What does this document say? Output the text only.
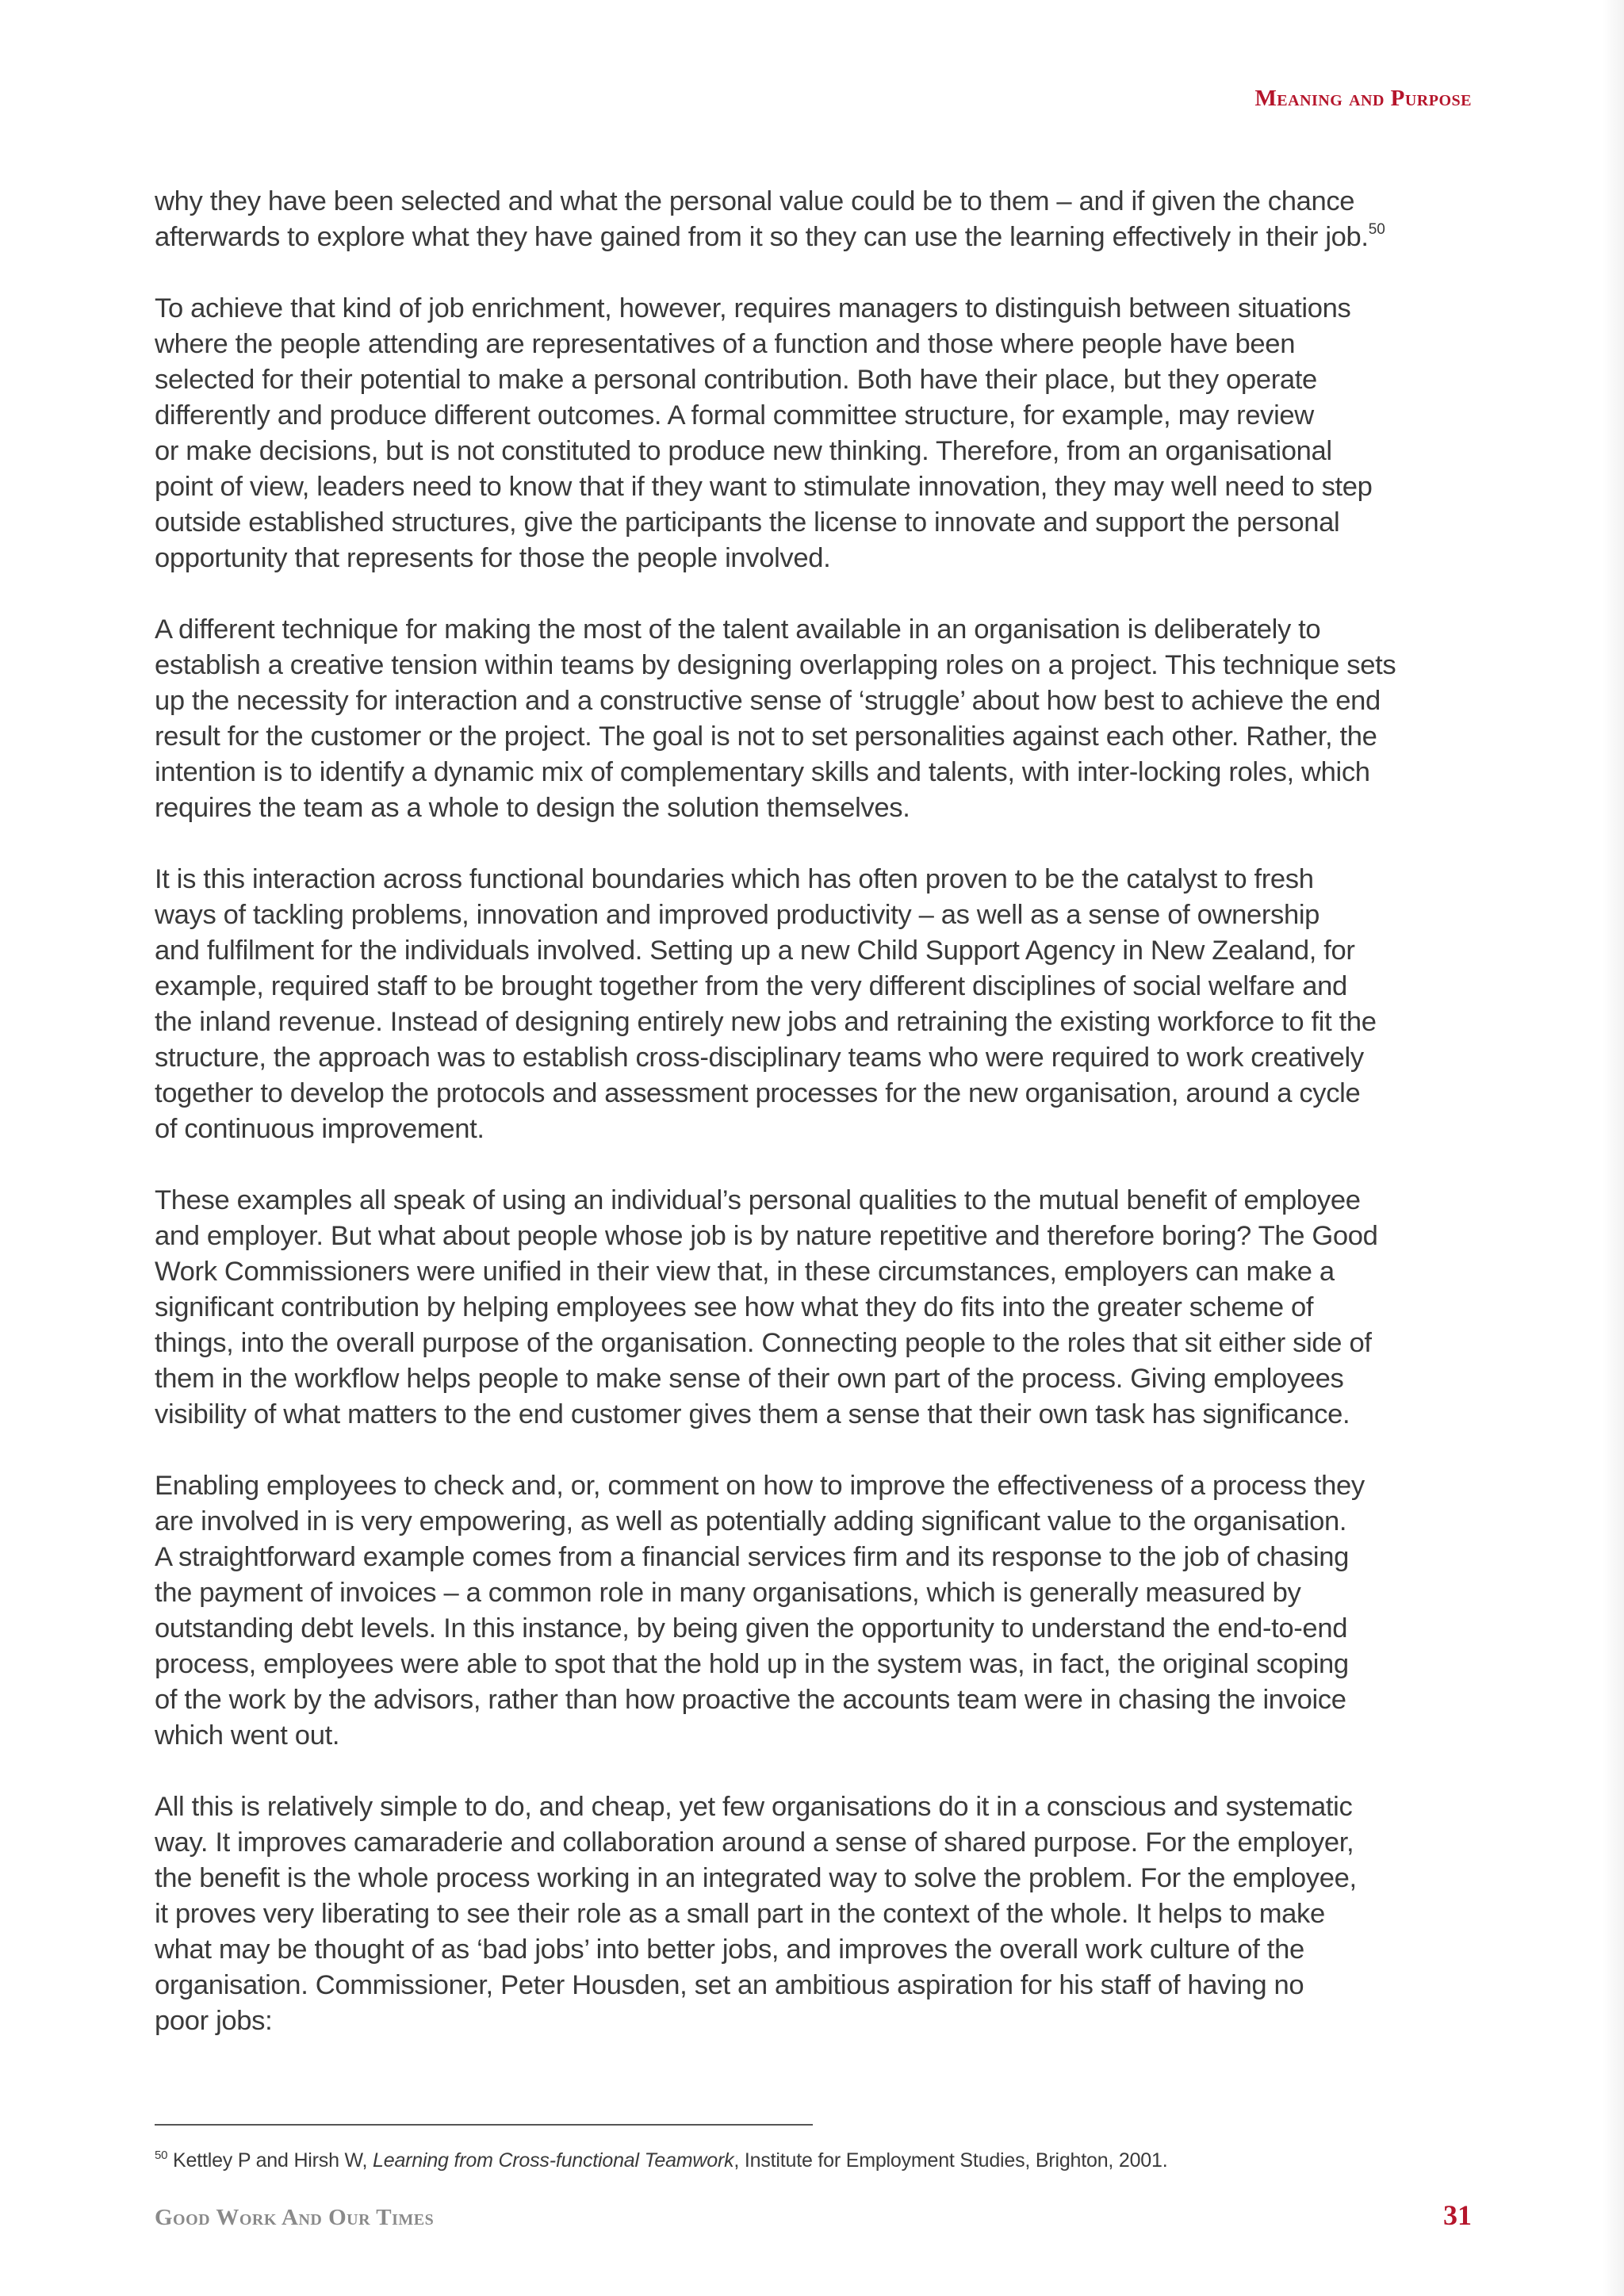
Meaning and Purpose

why they have been selected and what the personal value could be to them – and if given the chance
afterwards to explore what they have gained from it so they can use the learning effectively in their job.$^{50}$

To achieve that kind of job enrichment, however, requires managers to distinguish between situations
where the people attending are representatives of a function and those where people have been
selected for their potential to make a personal contribution. Both have their place, but they operate
differently and produce different outcomes. A formal committee structure, for example, may review
or make decisions, but is not constituted to produce new thinking. Therefore, from an organisational
point of view, leaders need to know that if they want to stimulate innovation, they may well need to step
outside established structures, give the participants the license to innovate and support the personal
opportunity that represents for those the people involved.

A different technique for making the most of the talent available in an organisation is deliberately to
establish a creative tension within teams by designing overlapping roles on a project. This technique sets
up the necessity for interaction and a constructive sense of ‘struggle’ about how best to achieve the end
result for the customer or the project. The goal is not to set personalities against each other. Rather, the
intention is to identify a dynamic mix of complementary skills and talents, with inter-locking roles, which
requires the team as a whole to design the solution themselves.

It is this interaction across functional boundaries which has often proven to be the catalyst to fresh
ways of tackling problems, innovation and improved productivity – as well as a sense of ownership
and fulfilment for the individuals involved. Setting up a new Child Support Agency in New Zealand, for
example, required staff to be brought together from the very different disciplines of social welfare and
the inland revenue. Instead of designing entirely new jobs and retraining the existing workforce to fit the
structure, the approach was to establish cross-disciplinary teams who were required to work creatively
together to develop the protocols and assessment processes for the new organisation, around a cycle
of continuous improvement.

These examples all speak of using an individual’s personal qualities to the mutual benefit of employee
and employer. But what about people whose job is by nature repetitive and therefore boring? The Good
Work Commissioners were unified in their view that, in these circumstances, employers can make a
significant contribution by helping employees see how what they do fits into the greater scheme of
things, into the overall purpose of the organisation. Connecting people to the roles that sit either side of
them in the workflow helps people to make sense of their own part of the process. Giving employees
visibility of what matters to the end customer gives them a sense that their own task has significance.

Enabling employees to check and, or, comment on how to improve the effectiveness of a process they
are involved in is very empowering, as well as potentially adding significant value to the organisation.
A straightforward example comes from a financial services firm and its response to the job of chasing
the payment of invoices – a common role in many organisations, which is generally measured by
outstanding debt levels. In this instance, by being given the opportunity to understand the end-to-end
process, employees were able to spot that the hold up in the system was, in fact, the original scoping
of the work by the advisors, rather than how proactive the accounts team were in chasing the invoice
which went out.

All this is relatively simple to do, and cheap, yet few organisations do it in a conscious and systematic
way. It improves camaraderie and collaboration around a sense of shared purpose. For the employer,
the benefit is the whole process working in an integrated way to solve the problem. For the employee,
it proves very liberating to see their role as a small part in the context of the whole. It helps to make
what may be thought of as ‘bad jobs’ into better jobs, and improves the overall work culture of the
organisation. Commissioner, Peter Housden, set an ambitious aspiration for his staff of having no
poor jobs:

$^{50}$ Kettley P and Hirsh W, Learning from Cross-functional Teamwork, Institute for Employment Studies, Brighton, 2001.
Good Work And Our Times	31
